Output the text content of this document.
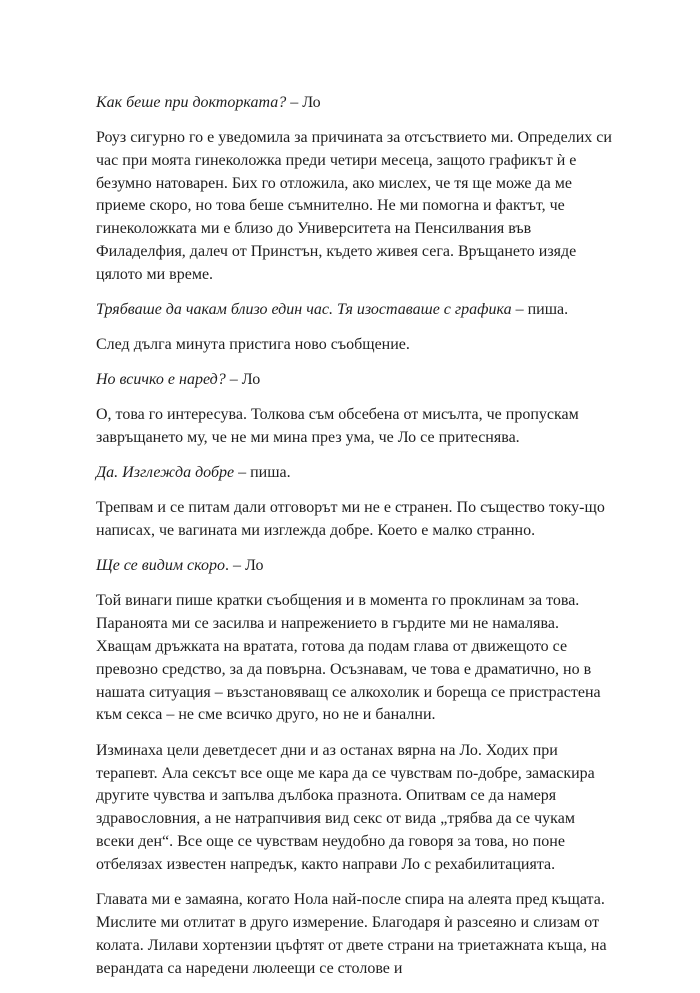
Как беше при докторката? – Ло

Роуз сигурно го е уведомила за причината за отсъствието ми. Определих си час при моята гинеколожка преди четири месеца, защото графикът ѝ е безумно натоварен. Бих го отложила, ако мислех, че тя ще може да ме приеме скоро, но това беше съмнително. Не ми помогна и фактът, че гинеколожката ми е близо до Университета на Пенсилвания във Филаделфия, далеч от Принстън, където живея сега. Връщането изяде цялото ми време.

Трябваше да чакам близо един час. Тя изоставаше с графика – пиша.

След дълга минута пристига ново съобщение.

Но всичко е наред? – Ло

О, това го интересува. Толкова съм обсебена от мисълта, че пропускам завръщането му, че не ми мина през ума, че Ло се притеснява.

Да. Изглежда добре – пиша.

Трепвам и се питам дали отговорът ми не е странен. По същество току-що написах, че вагината ми изглежда добре. Което е малко странно.

Ще се видим скоро. – Ло

Той винаги пише кратки съобщения и в момента го проклинам за това. Параноята ми се засилва и напрежението в гърдите ми не намалява. Хващам дръжката на вратата, готова да подам глава от движещото се превозно средство, за да повърна. Осъзнавам, че това е драматично, но в нашата ситуация – възстановяващ се алкохолик и бореща се пристрастена към секса – не сме всичко друго, но не и банални.

Изминаха цели деветдесет дни и аз останах вярна на Ло. Ходих при терапевт. Ала сексът все още ме кара да се чувствам по-добре, замаскира другите чувства и запълва дълбока празнота. Опитвам се да намеря здравословния, а не натрапчивия вид секс от вида „трябва да се чукам всеки ден“. Все още се чувствам неудобно да говоря за това, но поне отбелязах известен напредък, както направи Ло с рехабилитацията.

Главата ми е замаяна, когато Нола най-после спира на алеята пред къщата. Мислите ми отлитат в друго измерение. Благодаря ѝ разсеяно и слизам от колата. Лилави хортензии цъфтят от двете страни на триетажната къща, на верандата са наредени люлеещи се столове и
